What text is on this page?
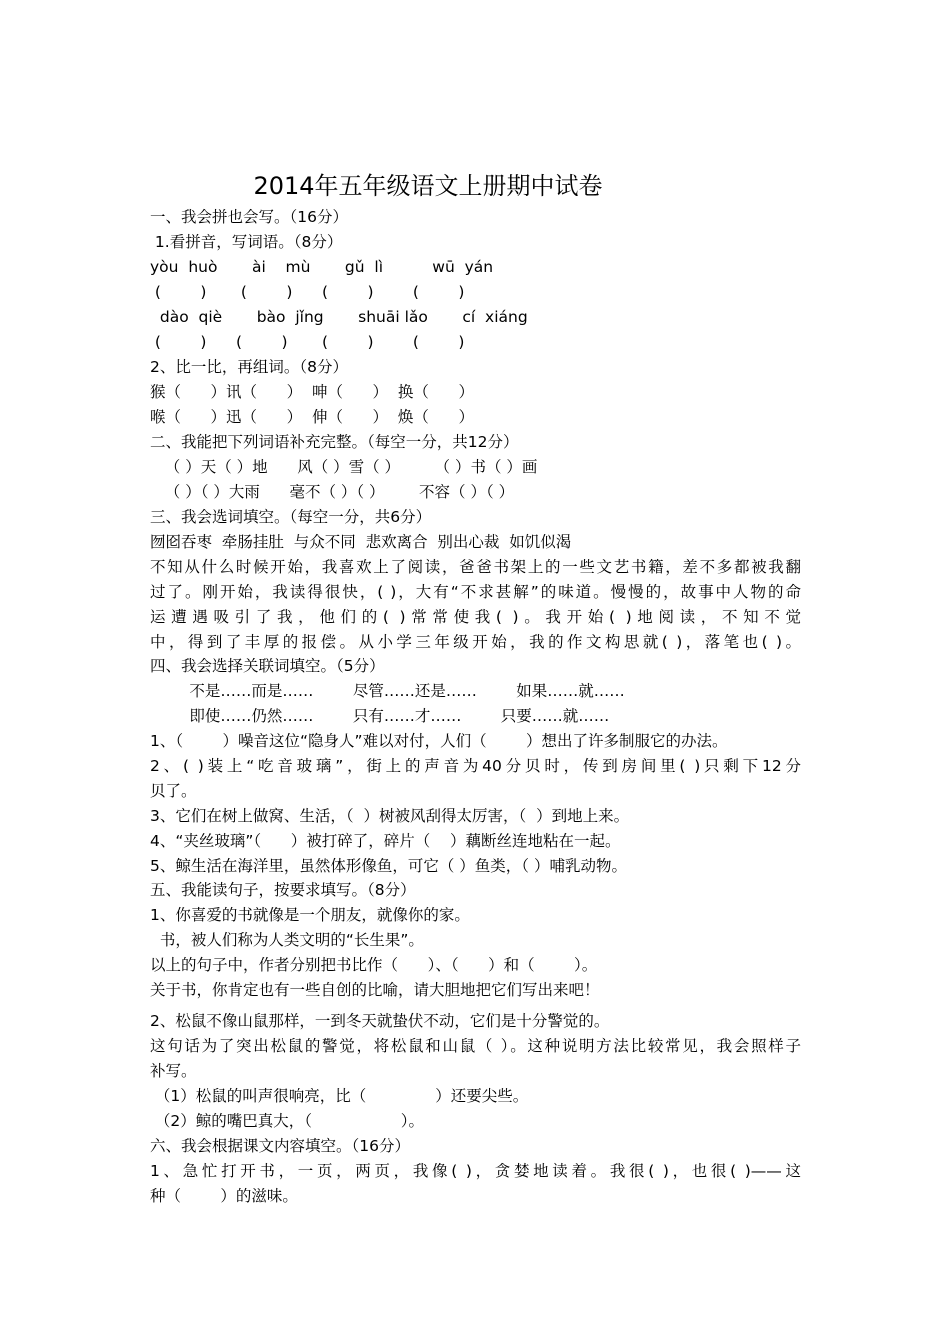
2014年五年级语文上册期中试卷
一、我会拼也会写。（16分）
1.看拼音，写词语。（8分）
yòu  huò       ài    mù       gǔ  lì          wū  yán
(        )       (        )      (        )        (        )
dào  qiè       bào  jǐng       shuāi lǎo       cí  xiáng
(        )      (        )       (        )        (        )
2、比一比，再组词。（8分）
猴（      ）讯（      ）  呻（      ）  换（      ）
喉（      ）迅（      ）  伸（      ）  焕（      ）
二、我能把下列词语补充完整。（每空一分，共12分）
（ ）天（ ）地      风（ ）雪（ ）       （ ）书（ ）画
（ ）（ ）大雨      毫不（ ）（ ）       不容（ ）（ ）
三、我会选词填空。（每空一分，共6分）
囫囵吞枣  牵肠挂肚  与众不同  悲欢离合  别出心裁  如饥似渴
不知从什么时候开始，我喜欢上了阅读，爸爸书架上的一些文艺书籍，差不多都被我翻
过了。刚开始，我读得很快，( )，大有“不求甚解”的味道。慢慢的，故事中人物的命
运遭遇吸引了我，他们的( )常常使我( )。我开始( )地阅读，不知不觉
中，得到了丰厚的报偿。从小学三年级开始，我的作文构思就( )，落笔也( )。
四、我会选择关联词填空。（5分）
不是……而是……        尽管……还是……        如果……就……
即使……仍然……        只有……才……        只要……就……
1、（        ）噪音这位“隐身人”难以对付，人们（        ）想出了许多制服它的办法。
2、( )装上“吃音玻璃”，街上的声音为40分贝时，传到房间里( )只剩下12分
贝了。
3、它们在树上做窝、生活，（  ）树被风刮得太厉害，（  ）到地上来。
4、“夹丝玻璃”（      ）被打碎了，碎片（    ）藕断丝连地粘在一起。
5、鲸生活在海洋里，虽然体形像鱼，可它（ ）鱼类，（ ）哺乳动物。
五、我能读句子，按要求填写。（8分）
1、你喜爱的书就像是一个朋友，就像你的家。
书，被人们称为人类文明的“长生果”。
以上的句子中，作者分别把书比作（      ）、（      ）和（        ）。
关于书，你肯定也有一些自创的比喻，请大胆地把它们写出来吧！
2、松鼠不像山鼠那样，一到冬天就蛰伏不动，它们是十分警觉的。
这句话为了突出松鼠的警觉，将松鼠和山鼠（ ）。这种说明方法比较常见，我会照样子
补写。
（1）松鼠的叫声很响亮，比（              ）还要尖些。
（2）鲸的嘴巴真大，（                  ）。
六、我会根据课文内容填空。（16分）
1、急忙打开书，一页，两页，我像( )，贪婪地读着。我很( )，也很( )——这
种（        ）的滋味。
